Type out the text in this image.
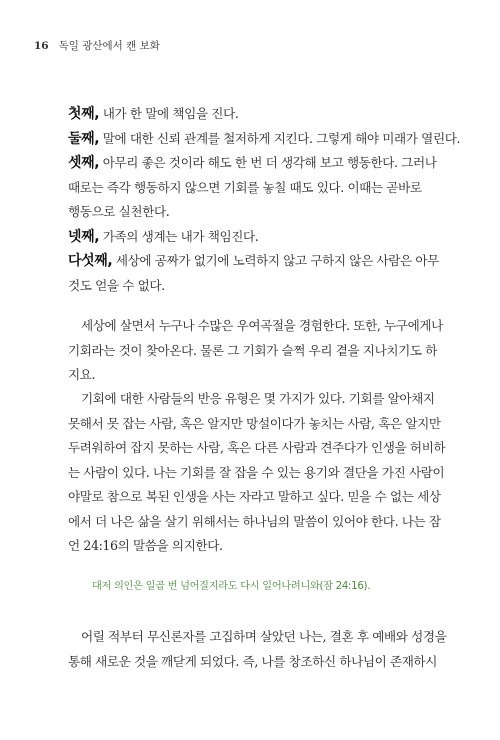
16 독일 광산에서 캔 보화
첫째, 내가 한 말에 책임을 진다.
둘째, 말에 대한 신뢰 관계를 철저하게 지킨다. 그렇게 해야 미래가 열린다.
셋째, 아무리 좋은 것이라 해도 한 번 더 생각해 보고 행동한다. 그러나
때로는 즉각 행동하지 않으면 기회를 놓칠 때도 있다. 이때는 곧바로
행동으로 실천한다.
넷째, 가족의 생계는 내가 책임진다.
다섯째, 세상에 공짜가 없기에 노력하지 않고 구하지 않은 사람은 아무
것도 얻을 수 없다.
세상에 살면서 누구나 수많은 우여곡절을 경험한다. 또한, 누구에게나
기회라는 것이 찾아온다. 물론 그 기회가 슬쩍 우리 곁을 지나치기도 하
지요.
기회에 대한 사람들의 반응 유형은 몇 가지가 있다. 기회를 알아채지
못해서 못 잡는 사람, 혹은 알지만 망설이다가 놓치는 사람, 혹은 알지만
두려워하여 잡지 못하는 사람, 혹은 다른 사람과 견주다가 인생을 허비하
는 사람이 있다. 나는 기회를 잘 잡을 수 있는 용기와 결단을 가진 사람이
야말로 참으로 복된 인생을 사는 자라고 말하고 싶다. 믿을 수 없는 세상
에서 더 나은 삶을 살기 위해서는 하나님의 말씀이 있어야 한다. 나는 잠
언 24:16의 말씀을 의지한다.
대저 의인은 일곱 번 넘어질지라도 다시 일어나려니와(잠 24:16).
어릴 적부터 무신론자를 고집하며 살았던 나는, 결혼 후 예배와 성경을
통해 새로운 것을 깨닫게 되었다. 즉, 나를 창조하신 하나님이 존재하시
